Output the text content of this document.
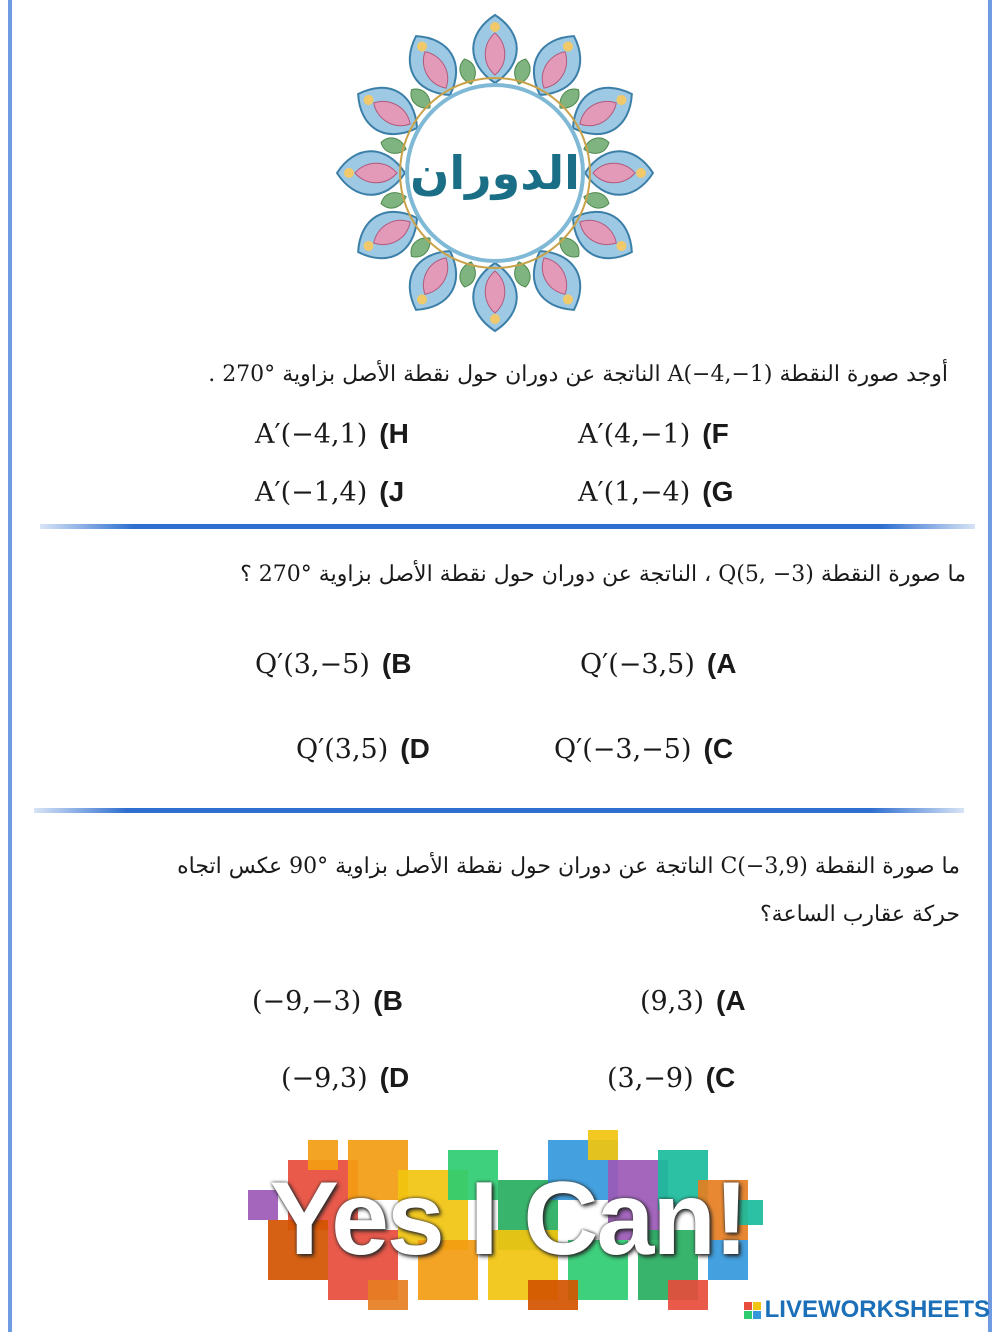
الدوران
أوجد صورة النقطة A(−4,−1) الناتجة عن دوران حول نقطة الأصل بزاوية 270° .
A′(4,−1) (F
A′(−4,1) (H
A′(1,−4) (G
A′(−1,4) (J
ما صورة النقطة Q(5, −3) ، الناتجة عن دوران حول نقطة الأصل بزاوية 270° ؟
Q′(−3,5) (A
Q′(3,−5) (B
Q′(−3,−5) (C
Q′(3,5) (D
ما صورة النقطة C(−3,9) الناتجة عن دوران حول نقطة الأصل بزاوية 90° عكس اتجاه
حركة عقارب الساعة؟
(9,3) (A
(−9,−3) (B
(3,−9) (C
(−9,3) (D
Yes I Can!
LIVEWORKSHEETS
